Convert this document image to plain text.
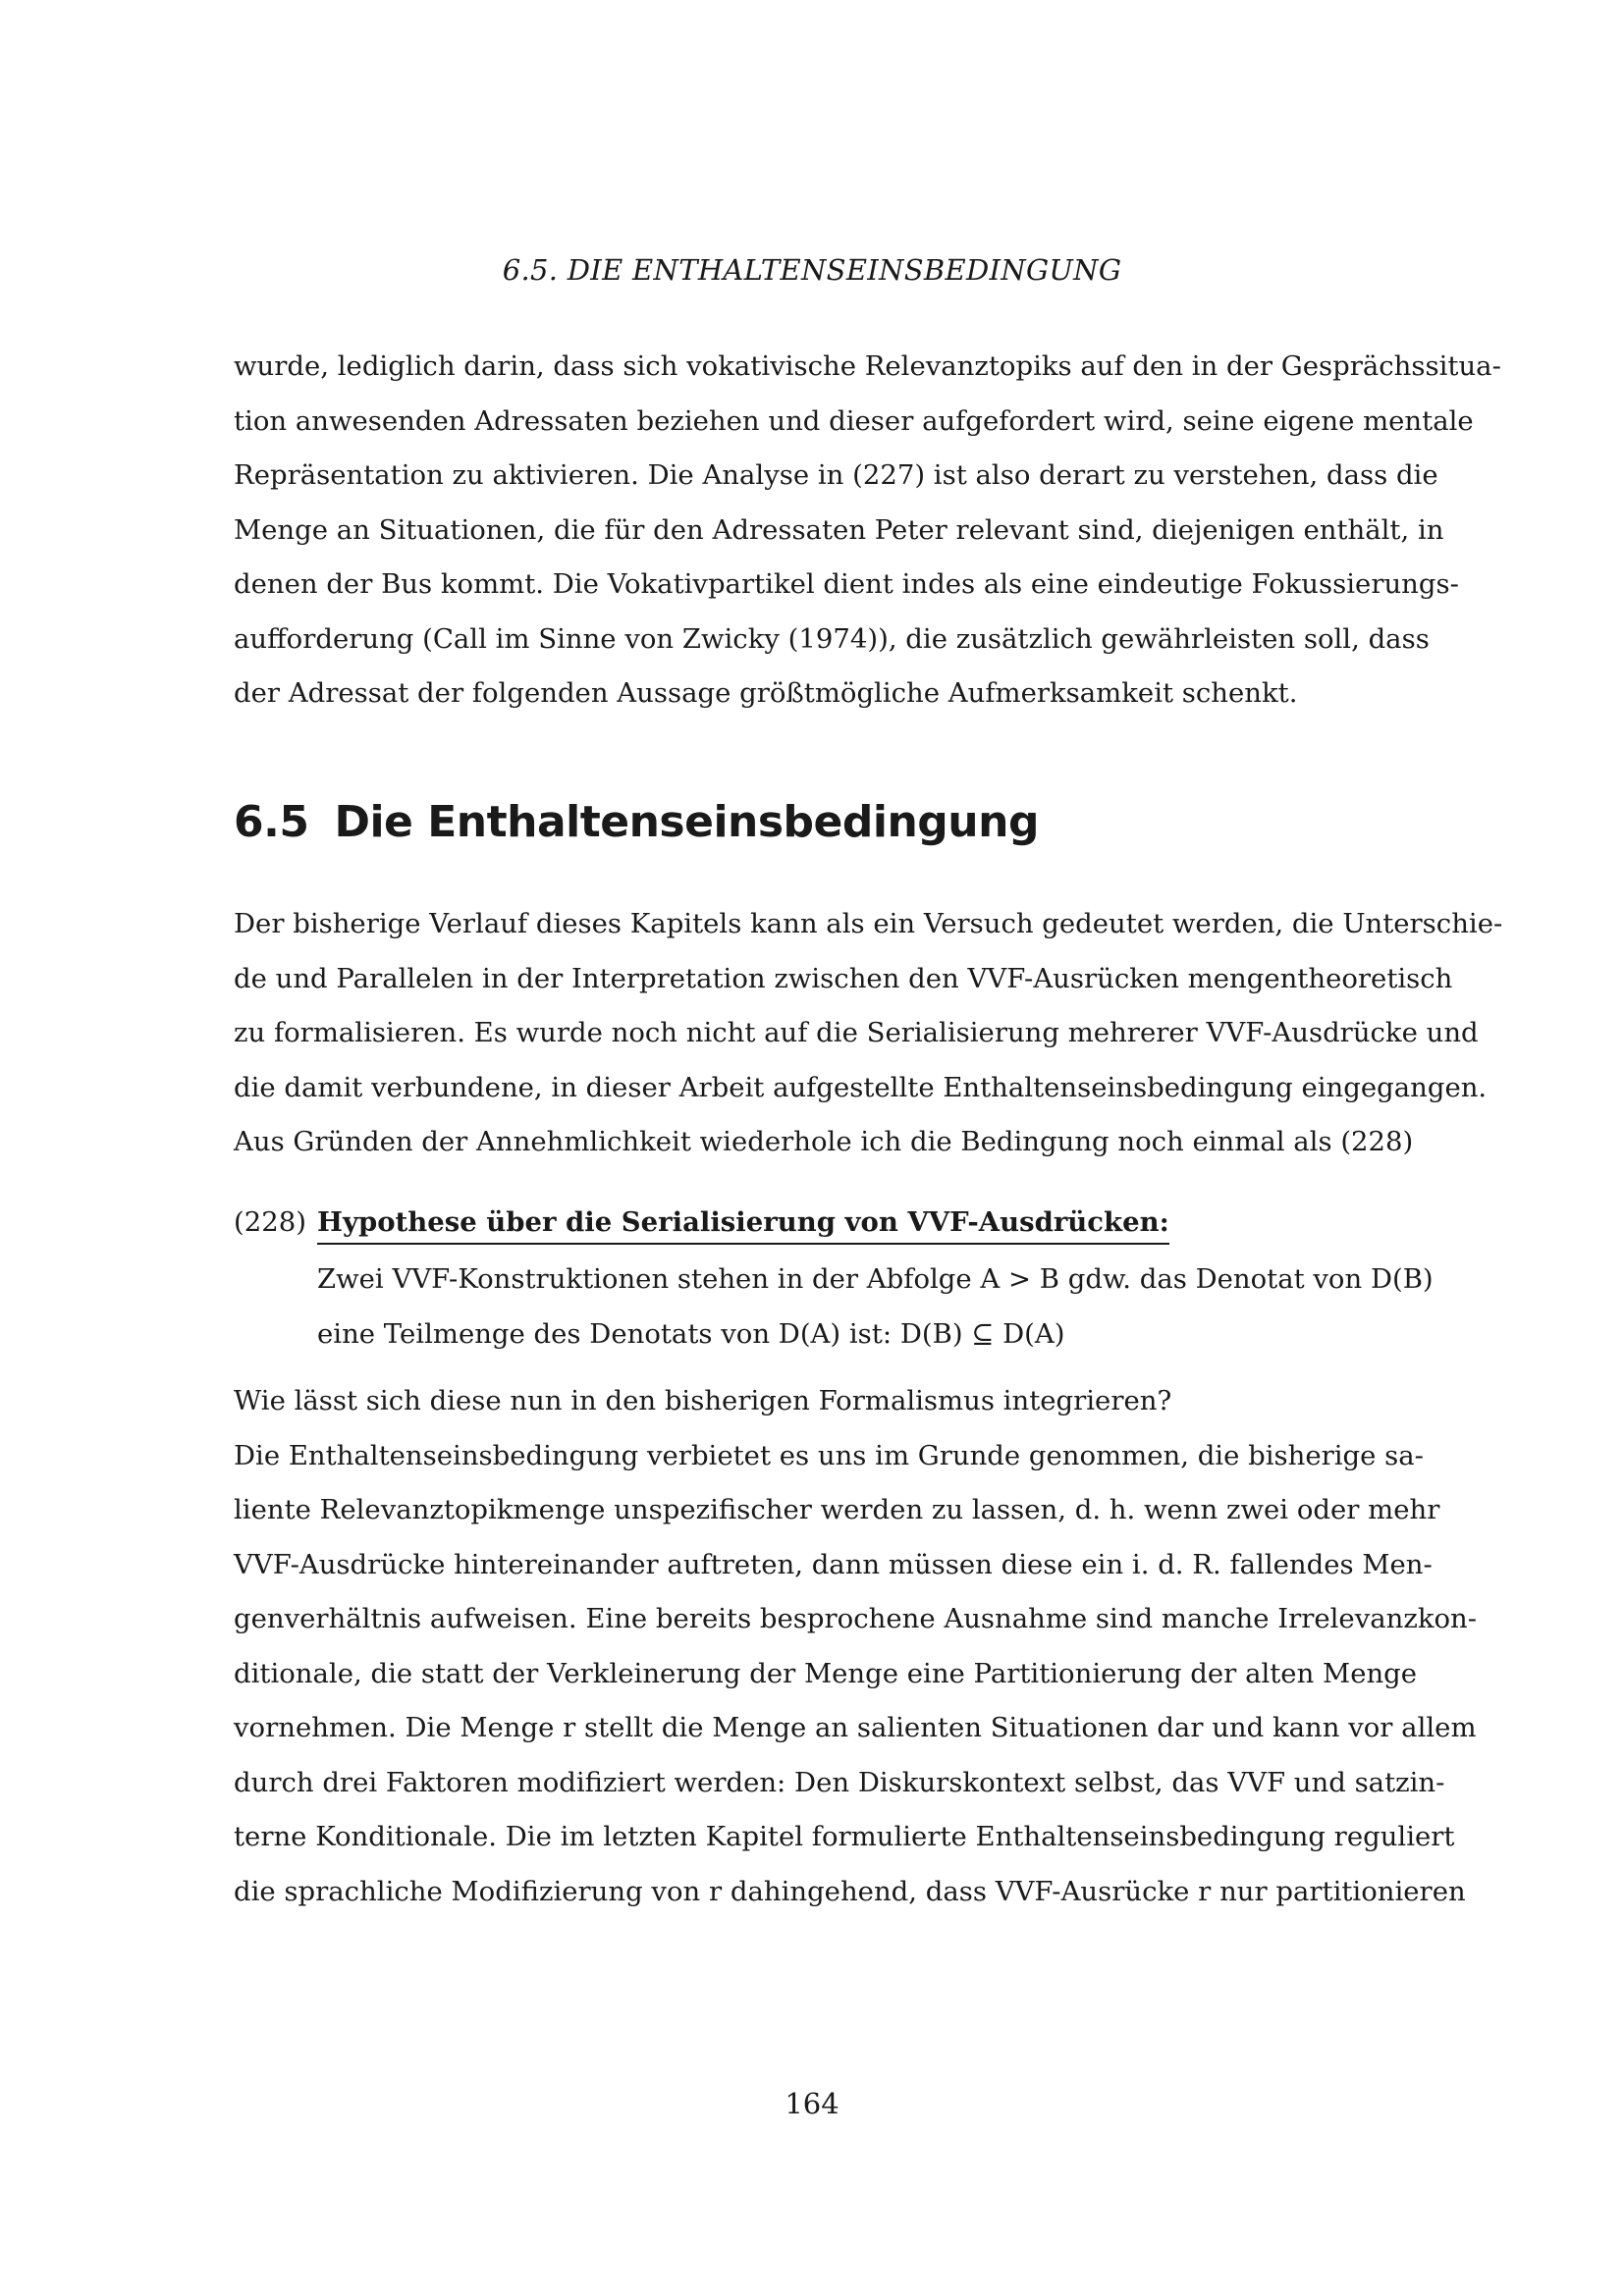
6.5. DIE ENTHALTENSEINSBEDINGUNG
wurde, lediglich darin, dass sich vokativische Relevanztopiks auf den in der Gesprächssitua-
tion anwesenden Adressaten beziehen und dieser aufgefordert wird, seine eigene mentale
Repräsentation zu aktivieren. Die Analyse in (227) ist also derart zu verstehen, dass die
Menge an Situationen, die für den Adressaten Peter relevant sind, diejenigen enthält, in
denen der Bus kommt. Die Vokativpartikel dient indes als eine eindeutige Fokussierungs-
aufforderung (Call im Sinne von Zwicky (1974)), die zusätzlich gewährleisten soll, dass
der Adressat der folgenden Aussage größtmögliche Aufmerksamkeit schenkt.
6.5 Die Enthaltenseinsbedingung
Der bisherige Verlauf dieses Kapitels kann als ein Versuch gedeutet werden, die Unterschie-
de und Parallelen in der Interpretation zwischen den VVF-Ausrücken mengentheoretisch
zu formalisieren. Es wurde noch nicht auf die Serialisierung mehrerer VVF-Ausdrücke und
die damit verbundene, in dieser Arbeit aufgestellte Enthaltenseinsbedingung eingegangen.
Aus Gründen der Annehmlichkeit wiederhole ich die Bedingung noch einmal als (228)
(228) Hypothese über die Serialisierung von VVF-Ausdrücken:
Zwei VVF-Konstruktionen stehen in der Abfolge A > B gdw. das Denotat von D(B)
eine Teilmenge des Denotats von D(A) ist: D(B) ⊆ D(A)
Wie lässt sich diese nun in den bisherigen Formalismus integrieren?
Die Enthaltenseinsbedingung verbietet es uns im Grunde genommen, die bisherige sa-
liente Relevanztopikmenge unspezifischer werden zu lassen, d. h. wenn zwei oder mehr
VVF-Ausdrücke hintereinander auftreten, dann müssen diese ein i. d. R. fallendes Men-
genverhältnis aufweisen. Eine bereits besprochene Ausnahme sind manche Irrelevanzkon-
ditionale, die statt der Verkleinerung der Menge eine Partitionierung der alten Menge
vornehmen. Die Menge r stellt die Menge an salienten Situationen dar und kann vor allem
durch drei Faktoren modifiziert werden: Den Diskurskontext selbst, das VVF und satzin-
terne Konditionale. Die im letzten Kapitel formulierte Enthaltenseinsbedingung reguliert
die sprachliche Modifizierung von r dahingehend, dass VVF-Ausrücke r nur partitionieren
164
